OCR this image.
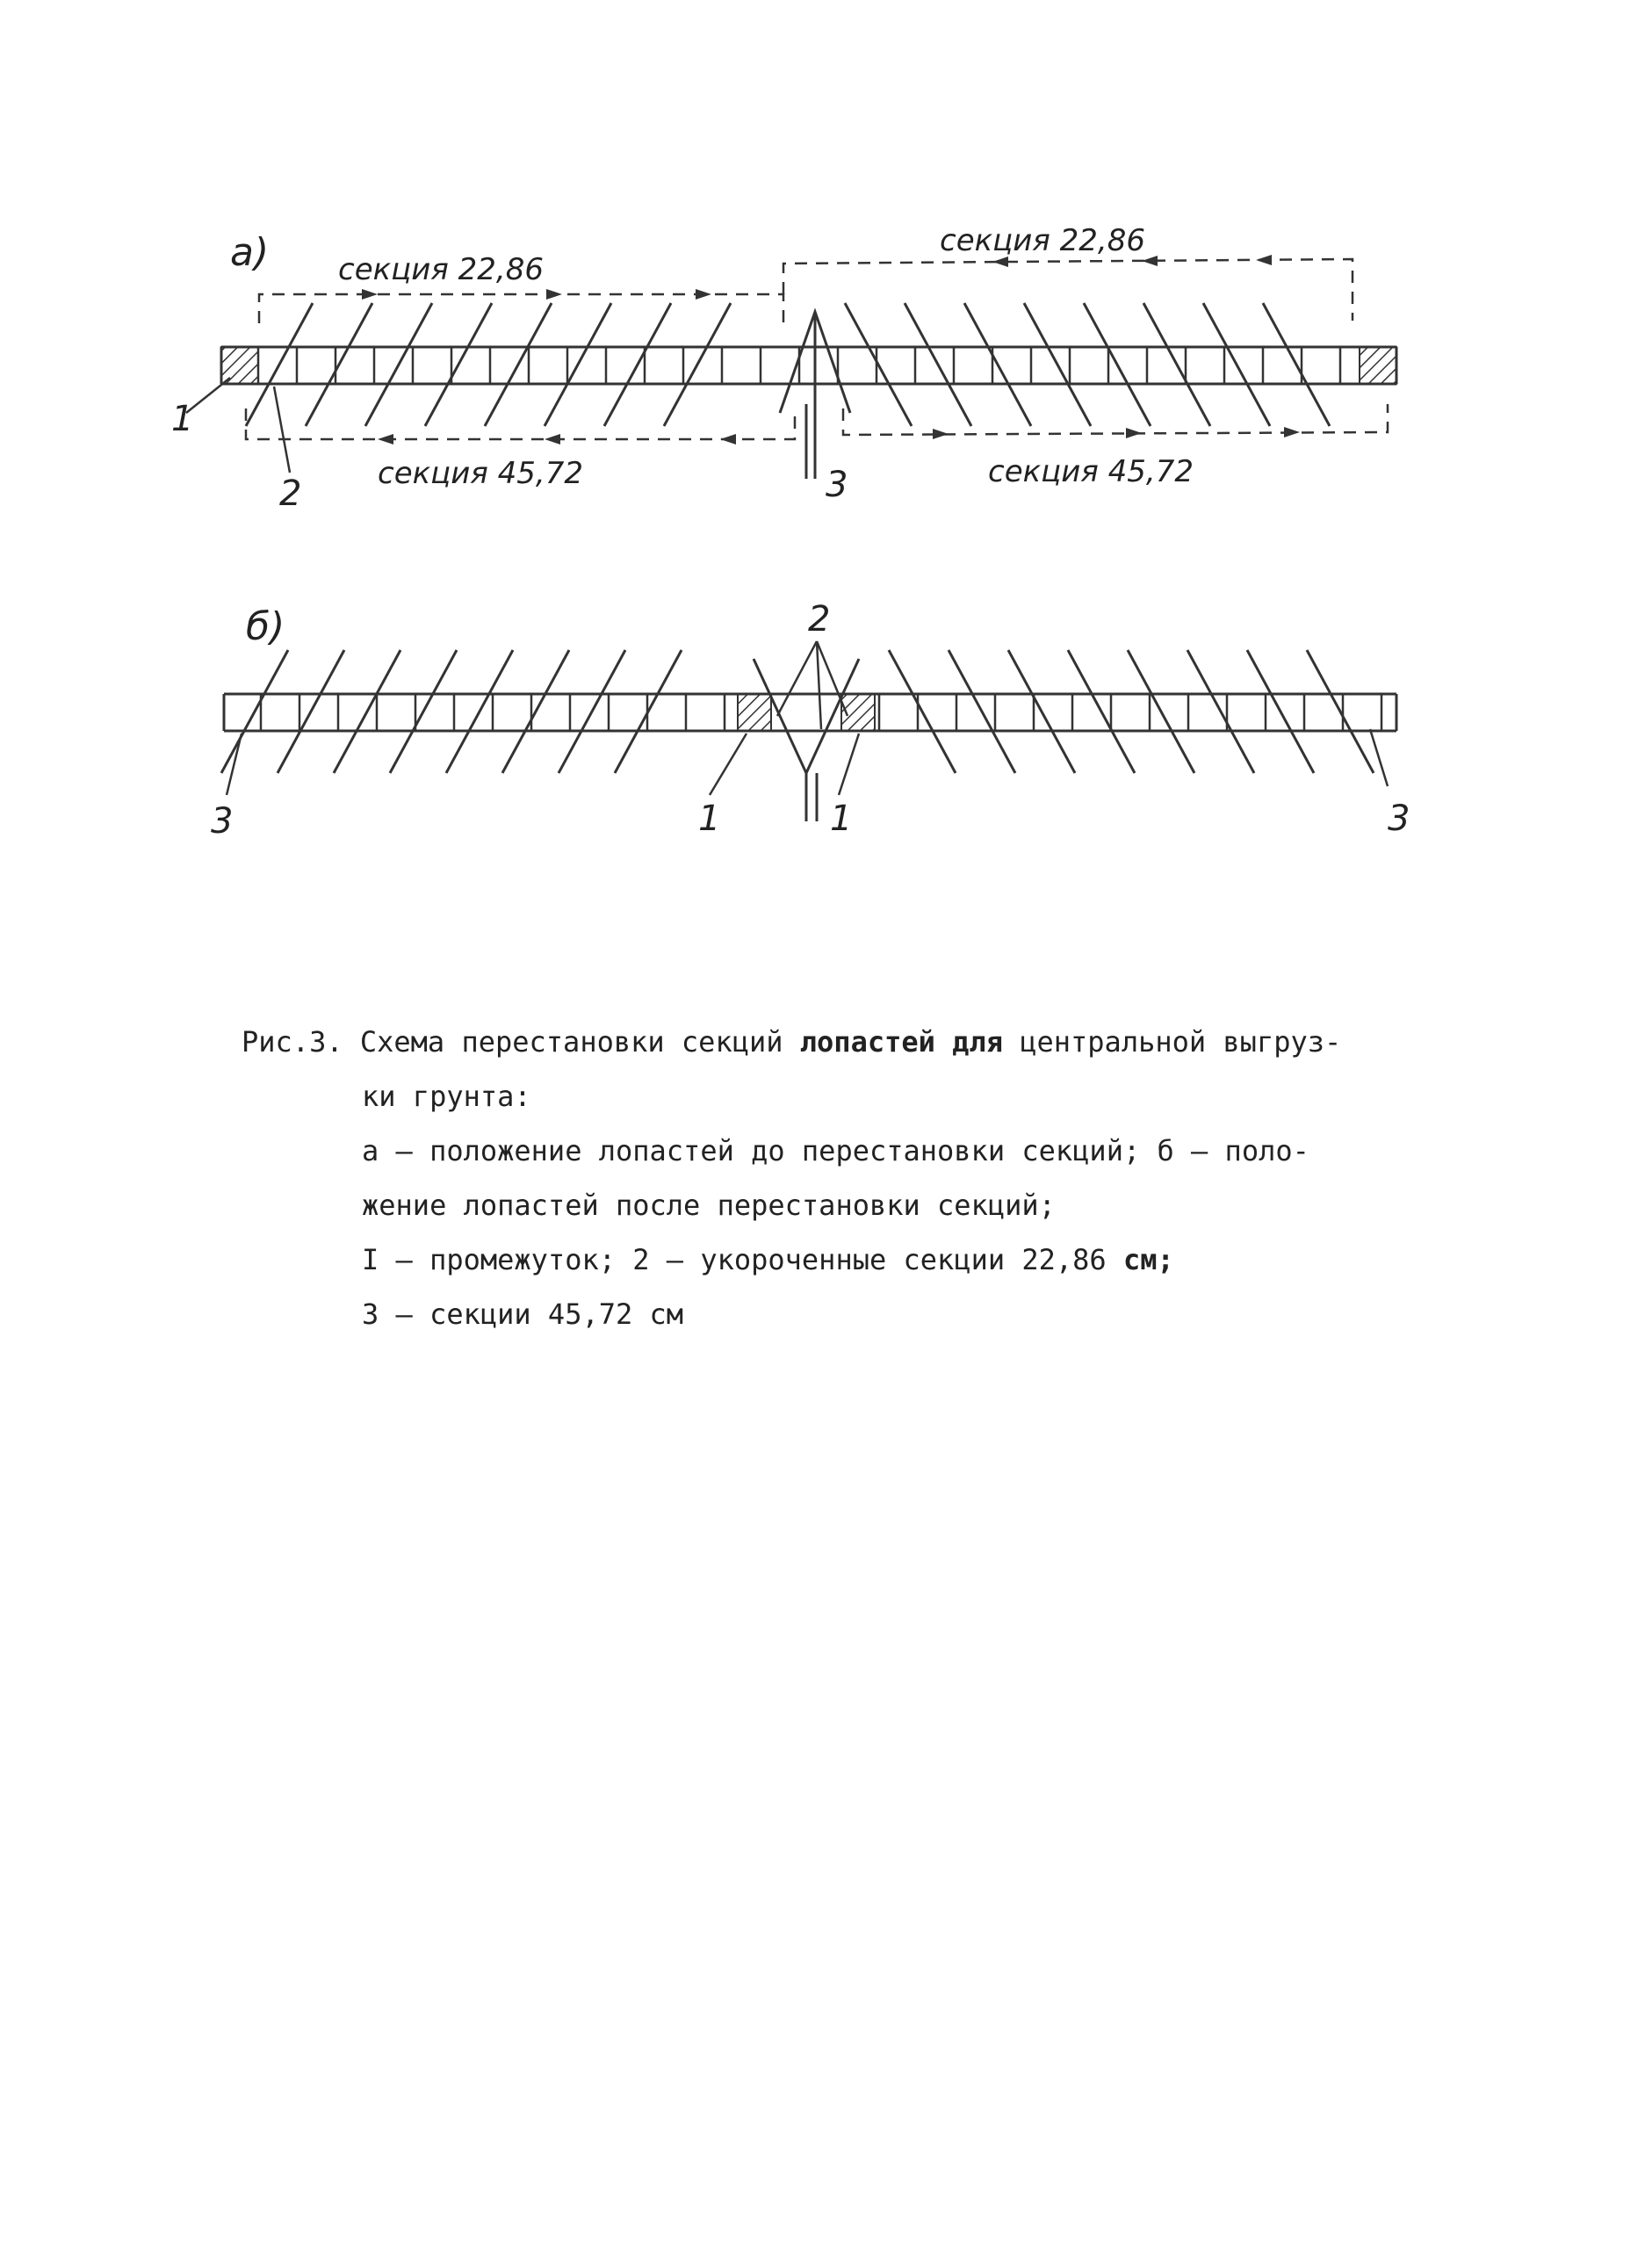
a) секция 22,86
секция 22,86
секция 45,72	секция 45,72
1
2	3
б)	2
1	1
3	3

Рис.3. Схема перестановки секций лопастей для центральной выгруз-

ки грунта:

а – положение лопастей до перестановки секций; б – поло-

жение лопастей после перестановки секций;

I – промежуток; 2 – укороченные секции 22,86 см;

3 – секции 45,72 см
